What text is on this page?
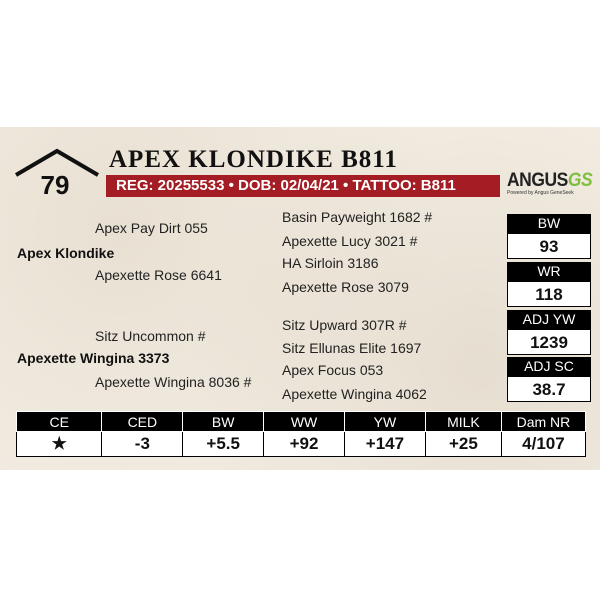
79
APEX KLONDIKE B811
REG: 20255533 • DOB: 02/04/21 • TATTOO: B811	ANGUSGS
Powered by Angus GeneSeek
Apex Pay Dirt 055
Apex Klondike
Apexette Rose 6641
Sitz Uncommon #
Apexette Wingina 3373
Apexette Wingina 8036 #
Basin Payweight 1682 #
Apexette Lucy 3021 #
HA Sirloin 3186
Apexette Rose 3079
Sitz Upward 307R #
Sitz Ellunas Elite 1697
Apex Focus 053
Apexette Wingina 4062
BW
93
WR
118
ADJ YW
1239
ADJ SC
38.7
CE	CED	BW	WW	YW	MILK	Dam NR
★	-3	+5.5	+92	+147	+25	4/107
